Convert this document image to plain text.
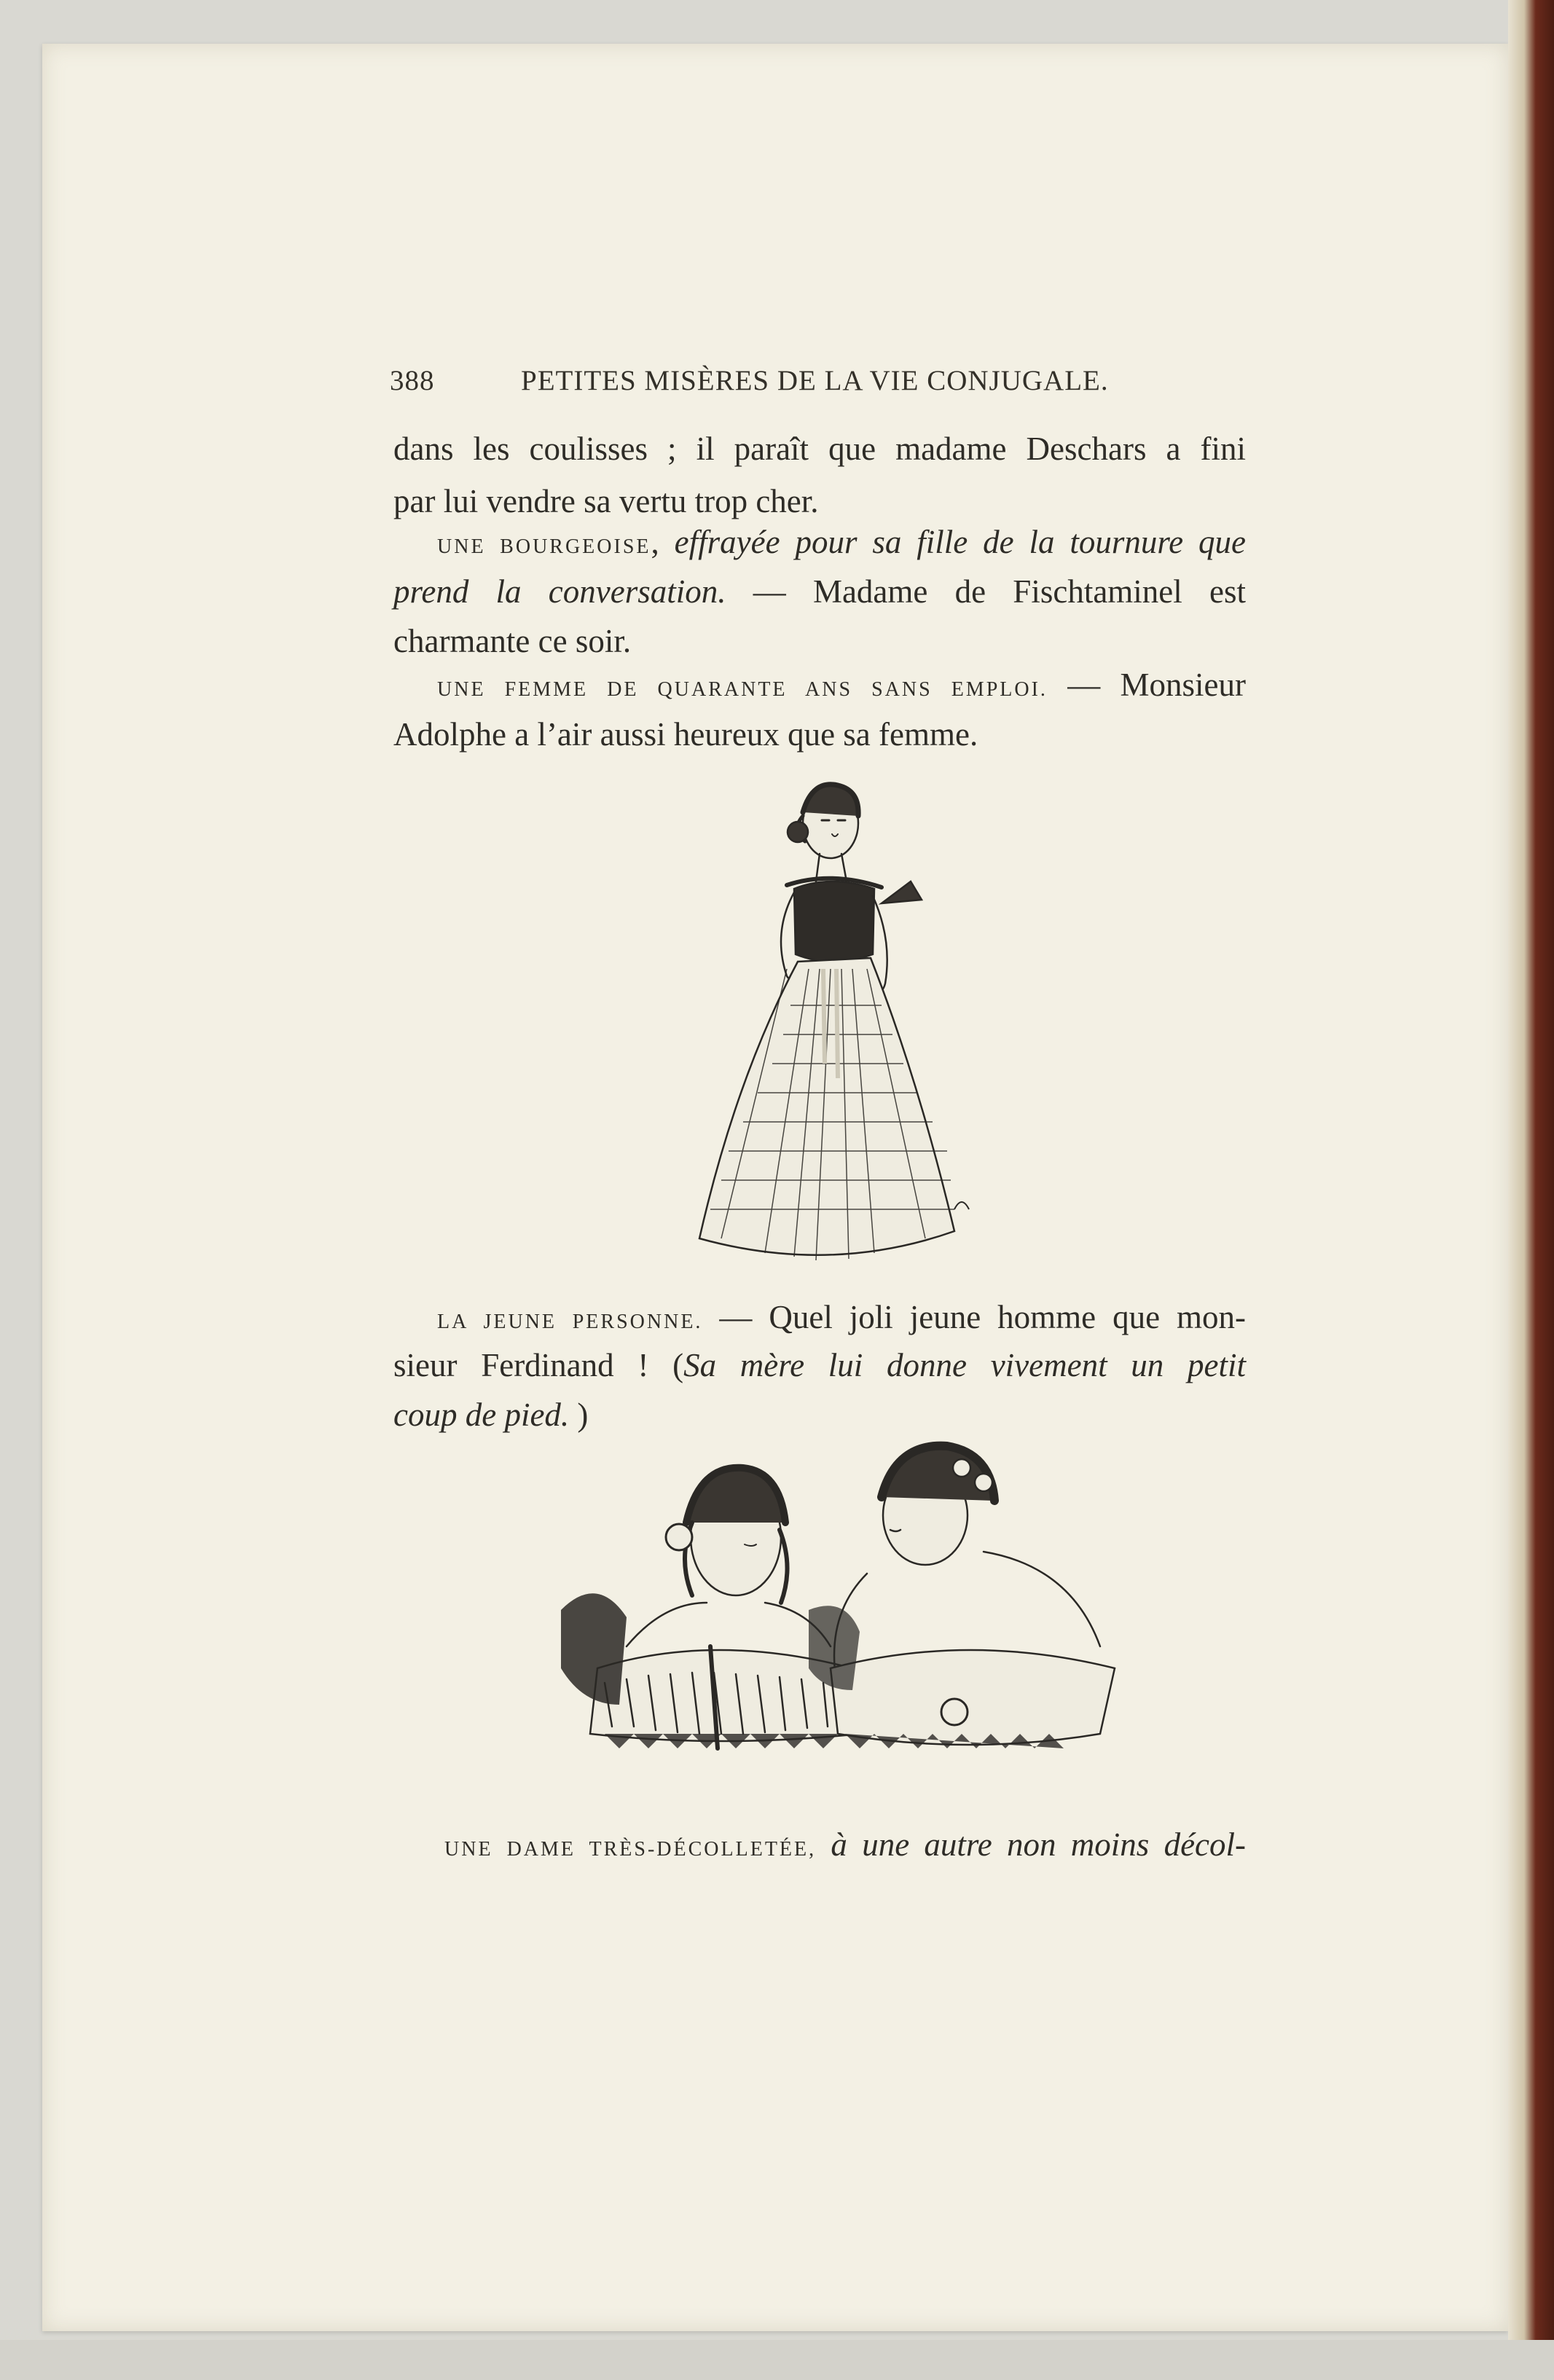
388	PETITES MISÈRES DE LA VIE CONJUGALE.
dans les coulisses ; il paraît que madame Deschars a fini
par lui vendre sa vertu trop cher.
UNE BOURGEOISE, effrayée pour sa fille de la tournure que
prend la conversation. — Madame de Fischtaminel est
charmante ce soir.
UNE FEMME DE QUARANTE ANS SANS EMPLOI. — Monsieur
Adolphe a l’air aussi heureux que sa femme.
LA JEUNE PERSONNE. — Quel joli jeune homme que mon-
sieur Ferdinand ! (Sa mère lui donne vivement un petit
coup de pied. )
UNE DAME TRÈS-DÉCOLLETÉE, à une autre non moins décol-
